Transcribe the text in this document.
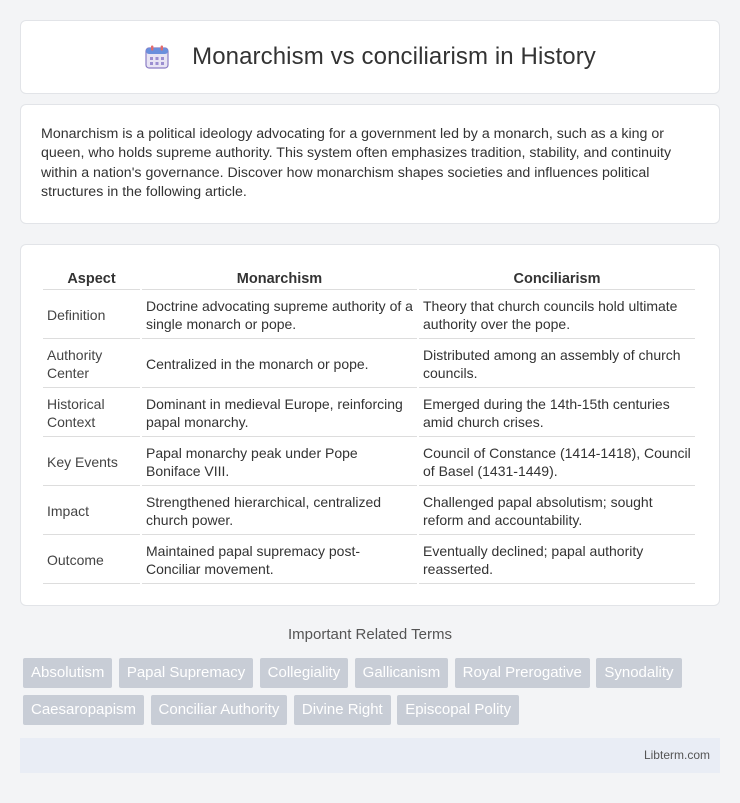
Monarchism vs conciliarism in History

Monarchism is a political ideology advocating for a government led by a monarch, such as a king or queen, who holds supreme authority. This system often emphasizes tradition, stability, and continuity within a nation's governance. Discover how monarchism shapes societies and influences political structures in the following article.

Aspect	Monarchism	Conciliarism
Definition	Doctrine advocating supreme authority of a single monarch or pope.	Theory that church councils hold ultimate authority over the pope.
Authority Center	Centralized in the monarch or pope.	Distributed among an assembly of church councils.
Historical Context	Dominant in medieval Europe, reinforcing papal monarchy.	Emerged during the 14th-15th centuries amid church crises.
Key Events	Papal monarchy peak under Pope Boniface VIII.	Council of Constance (1414-1418), Council of Basel (1431-1449).
Impact	Strengthened hierarchical, centralized church power.	Challenged papal absolutism; sought reform and accountability.
Outcome	Maintained papal supremacy post-Conciliar movement.	Eventually declined; papal authority reasserted.
Important Related Terms
Absolutism Papal Supremacy Collegiality Gallicanism Royal Prerogative Synodality Caesaropapism Conciliar Authority Divine Right Episcopal Polity
Libterm.com
